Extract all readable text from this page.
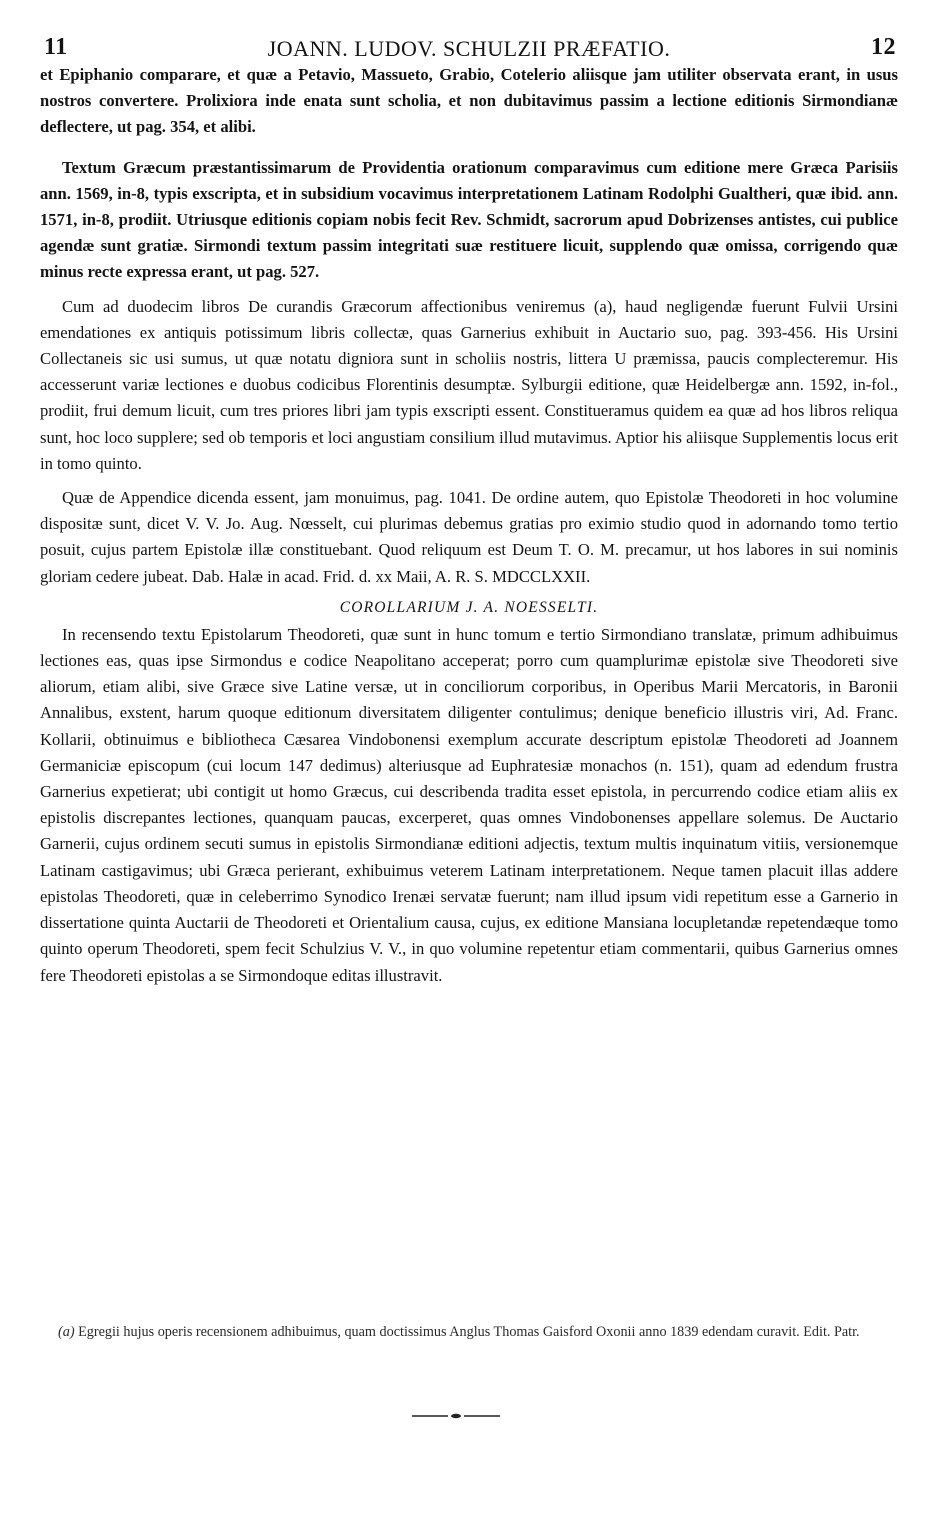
11	JOANN. LUDOV. SCHULZII PRÆFATIO.	12

et Epiphanio comparare, et quæ a Petavio, Massueto, Grabio, Cotelerio aliisque jam utiliter observata erant, in usus nostros convertere. Prolixiora inde enata sunt scholia, et non dubitavimus passim a lectione editionis Sirmondianæ deflectere, ut pag. 354, et alibi.

Textum Græcum præstantissimarum de Providentia orationum comparavimus cum editione mere Græca Parisiis ann. 1569, in-8, typis exscripta, et in subsidium vocavimus interpretationem Latinam Rodolphi Gualtheri, quæ ibid. ann. 1571, in-8, prodiit. Utriusque editionis copiam nobis fecit Rev. Schmidt, sacrorum apud Dobrizenses antistes, cui publice agendæ sunt gratiæ. Sirmondi textum passim integritati suæ restituere licuit, supplendo quæ omissa, corrigendo quæ minus recte expressa erant, ut pag. 527.

Cum ad duodecim libros De curandis Græcorum affectionibus veniremus (a), haud negligendæ fuerunt Fulvii Ursini emendationes ex antiquis potissimum libris collectæ, quas Garnerius exhibuit in Auctario suo, pag. 393-456. His Ursini Collectaneis sic usi sumus, ut quæ notatu digniora sunt in scholiis nostris, littera U præmissa, paucis complecteremur. His accesserunt variæ lectiones e duobus codicibus Florentinis desumptæ. Sylburgii editione, quæ Heidelbergæ ann. 1592, in-fol., prodiit, frui demum licuit, cum tres priores libri jam typis exscripti essent. Constitueramus quidem ea quæ ad hos libros reliqua sunt, hoc loco supplere; sed ob temporis et loci angustiam consilium illud mutavimus. Aptior his aliisque Supplementis locus erit in tomo quinto.

Quæ de Appendice dicenda essent, jam monuimus, pag. 1041. De ordine autem, quo Epistolæ Theodoreti in hoc volumine dispositæ sunt, dicet V. V. Jo. Aug. Nœsselt, cui plurimas debemus gratias pro eximio studio quod in adornando tomo tertio posuit, cujus partem Epistolæ illæ constituebant. Quod reliquum est Deum T. O. M. precamur, ut hos labores in sui nominis gloriam cedere jubeat. Dab. Halæ in acad. Frid. d. xx Maii, A. R. S. MDCCLXXII.

COROLLARIUM J. A. NOESSELTI.

In recensendo textu Epistolarum Theodoreti, quæ sunt in hunc tomum e tertio Sirmondiano translatæ, primum adhibuimus lectiones eas, quas ipse Sirmondus e codice Neapolitano acceperat; porro cum quamplurimæ epistolæ sive Theodoreti sive aliorum, etiam alibi, sive Græce sive Latine versæ, ut in conciliorum corporibus, in Operibus Marii Mercatoris, in Baronii Annalibus, exstent, harum quoque editionum diversitatem diligenter contulimus; denique beneficio illustris viri, Ad. Franc. Kollarii, obtinuimus e bibliotheca Cæsarea Vindobonensi exemplum accurate descriptum epistolæ Theodoreti ad Joannem Germaniciæ episcopum (cui locum 147 dedimus) alteriusque ad Euphratesiæ monachos (n. 151), quam ad edendum frustra Garnerius expetierat; ubi contigit ut homo Græcus, cui describenda tradita esset epistola, in percurrendo codice etiam aliis ex epistolis discrepantes lectiones, quanquam paucas, excerperet, quas omnes Vindobonenses appellare solemus. De Auctario Garnerii, cujus ordinem secuti sumus in epistolis Sirmondianæ editioni adjectis, textum multis inquinatum vitiis, versionemque Latinam castigavimus; ubi Græca perierant, exhibuimus veterem Latinam interpretationem. Neque tamen placuit illas addere epistolas Theodoreti, quæ in celeberrimo Synodico Irenæi servatæ fuerunt; nam illud ipsum vidi repetitum esse a Garnerio in dissertatione quinta Auctarii de Theodoreti et Orientalium causa, cujus, ex editione Mansiana locupletandæ repetendæque tomo quinto operum Theodoreti, spem fecit Schulzius V. V., in quo volumine repetentur etiam commentarii, quibus Garnerius omnes fere Theodoreti epistolas a se Sirmondoque editas illustravit.

(a) Egregii hujus operis recensionem adhibuimus, quam doctissimus Anglus Thomas Gaisford Oxonii anno 1839 edendam curavit. Edit. Patr.
